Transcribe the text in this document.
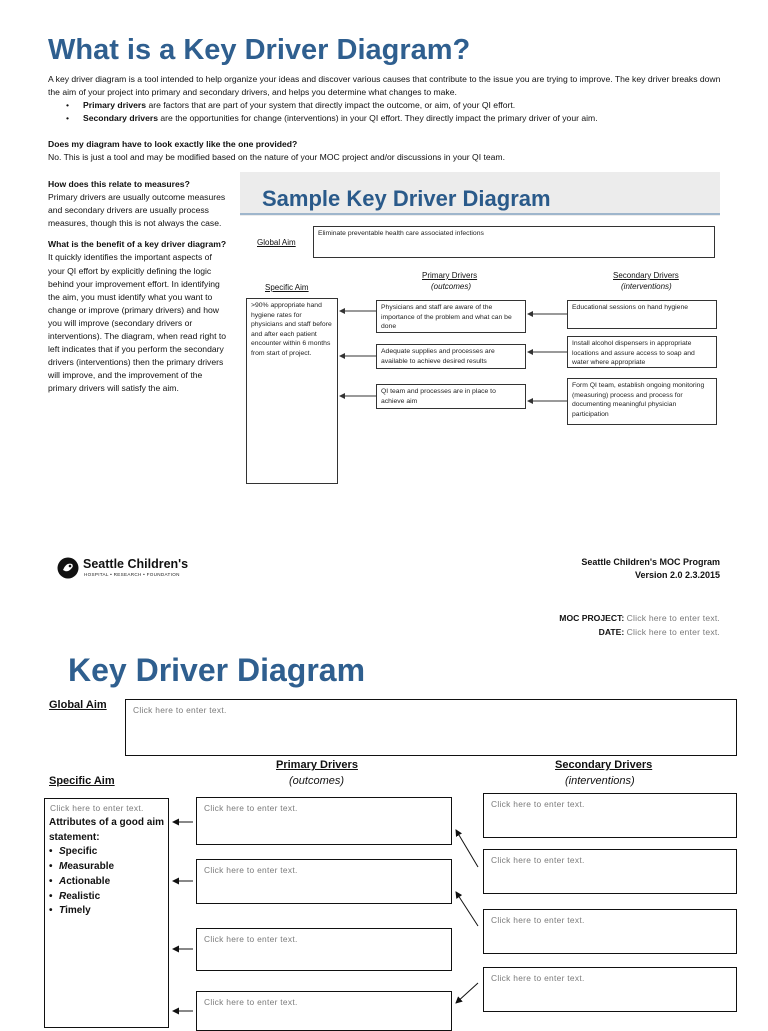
What is a Key Driver Diagram?
A key driver diagram is a tool intended to help organize your ideas and discover various causes that contribute to the issue you are trying to improve. The key driver breaks down the aim of your project into primary and secondary drivers, and helps you determine what changes to make.
• Primary drivers are factors that are part of your system that directly impact the outcome, or aim, of your QI effort.
• Secondary drivers are the opportunities for change (interventions) in your QI effort. They directly impact the primary driver of your aim.
Does my diagram have to look exactly like the one provided?
No. This is just a tool and may be modified based on the nature of your MOC project and/or discussions in your QI team.

How does this relate to measures?
Primary drivers are usually outcome measures and secondary drivers are usually process measures, though this is not always the case.

What is the benefit of a key driver diagram?
It quickly identifies the important aspects of your QI effort by explicitly defining the logic behind your improvement effort. In identifying the aim, you must identify what you want to change or improve (primary drivers) and how you will improve (secondary drivers or interventions). The diagram, when read right to left indicates that if you perform the secondary drivers (interventions) then the primary drivers will improve, and the improvement of the primary drivers will satisfy the aim.

Sample Key Driver Diagram
Global Aim
Eliminate preventable health care associated infections
Specific Aim
Primary Drivers
(outcomes)
Secondary Drivers
(interventions)
>90% appropriate hand hygiene rates for physicians and staff before and after each patient encounter within 6 months from start of project.
Physicians and staff are aware of the importance of the problem and what can be done
Adequate supplies and processes are available to achieve desired results
QI team and processes are in place to achieve aim
Educational sessions on hand hygiene
Install alcohol dispensers in appropriate locations and assure access to soap and water where appropriate
Form QI team, establish ongoing monitoring (measuring) process and process for documenting meaningful physician participation
Seattle Children's
HOSPITAL • RESEARCH • FOUNDATION
Seattle Children's MOC Program
Version 2.0 2.3.2015
MOC PROJECT: Click here to enter text.
DATE: Click here to enter text.
Key Driver Diagram
Global Aim	Click here to enter text.
Specific Aim
Primary Drivers
(outcomes)
Secondary Drivers
(interventions)
Click here to enter text.
Attributes of a good aim statement:
• Specific
• Measurable
• Actionable
• Realistic
• Timely
Click here to enter text.
Click here to enter text.
Click here to enter text.
Click here to enter text.
Click here to enter text.
Click here to enter text.
Click here to enter text.
Click here to enter text.
